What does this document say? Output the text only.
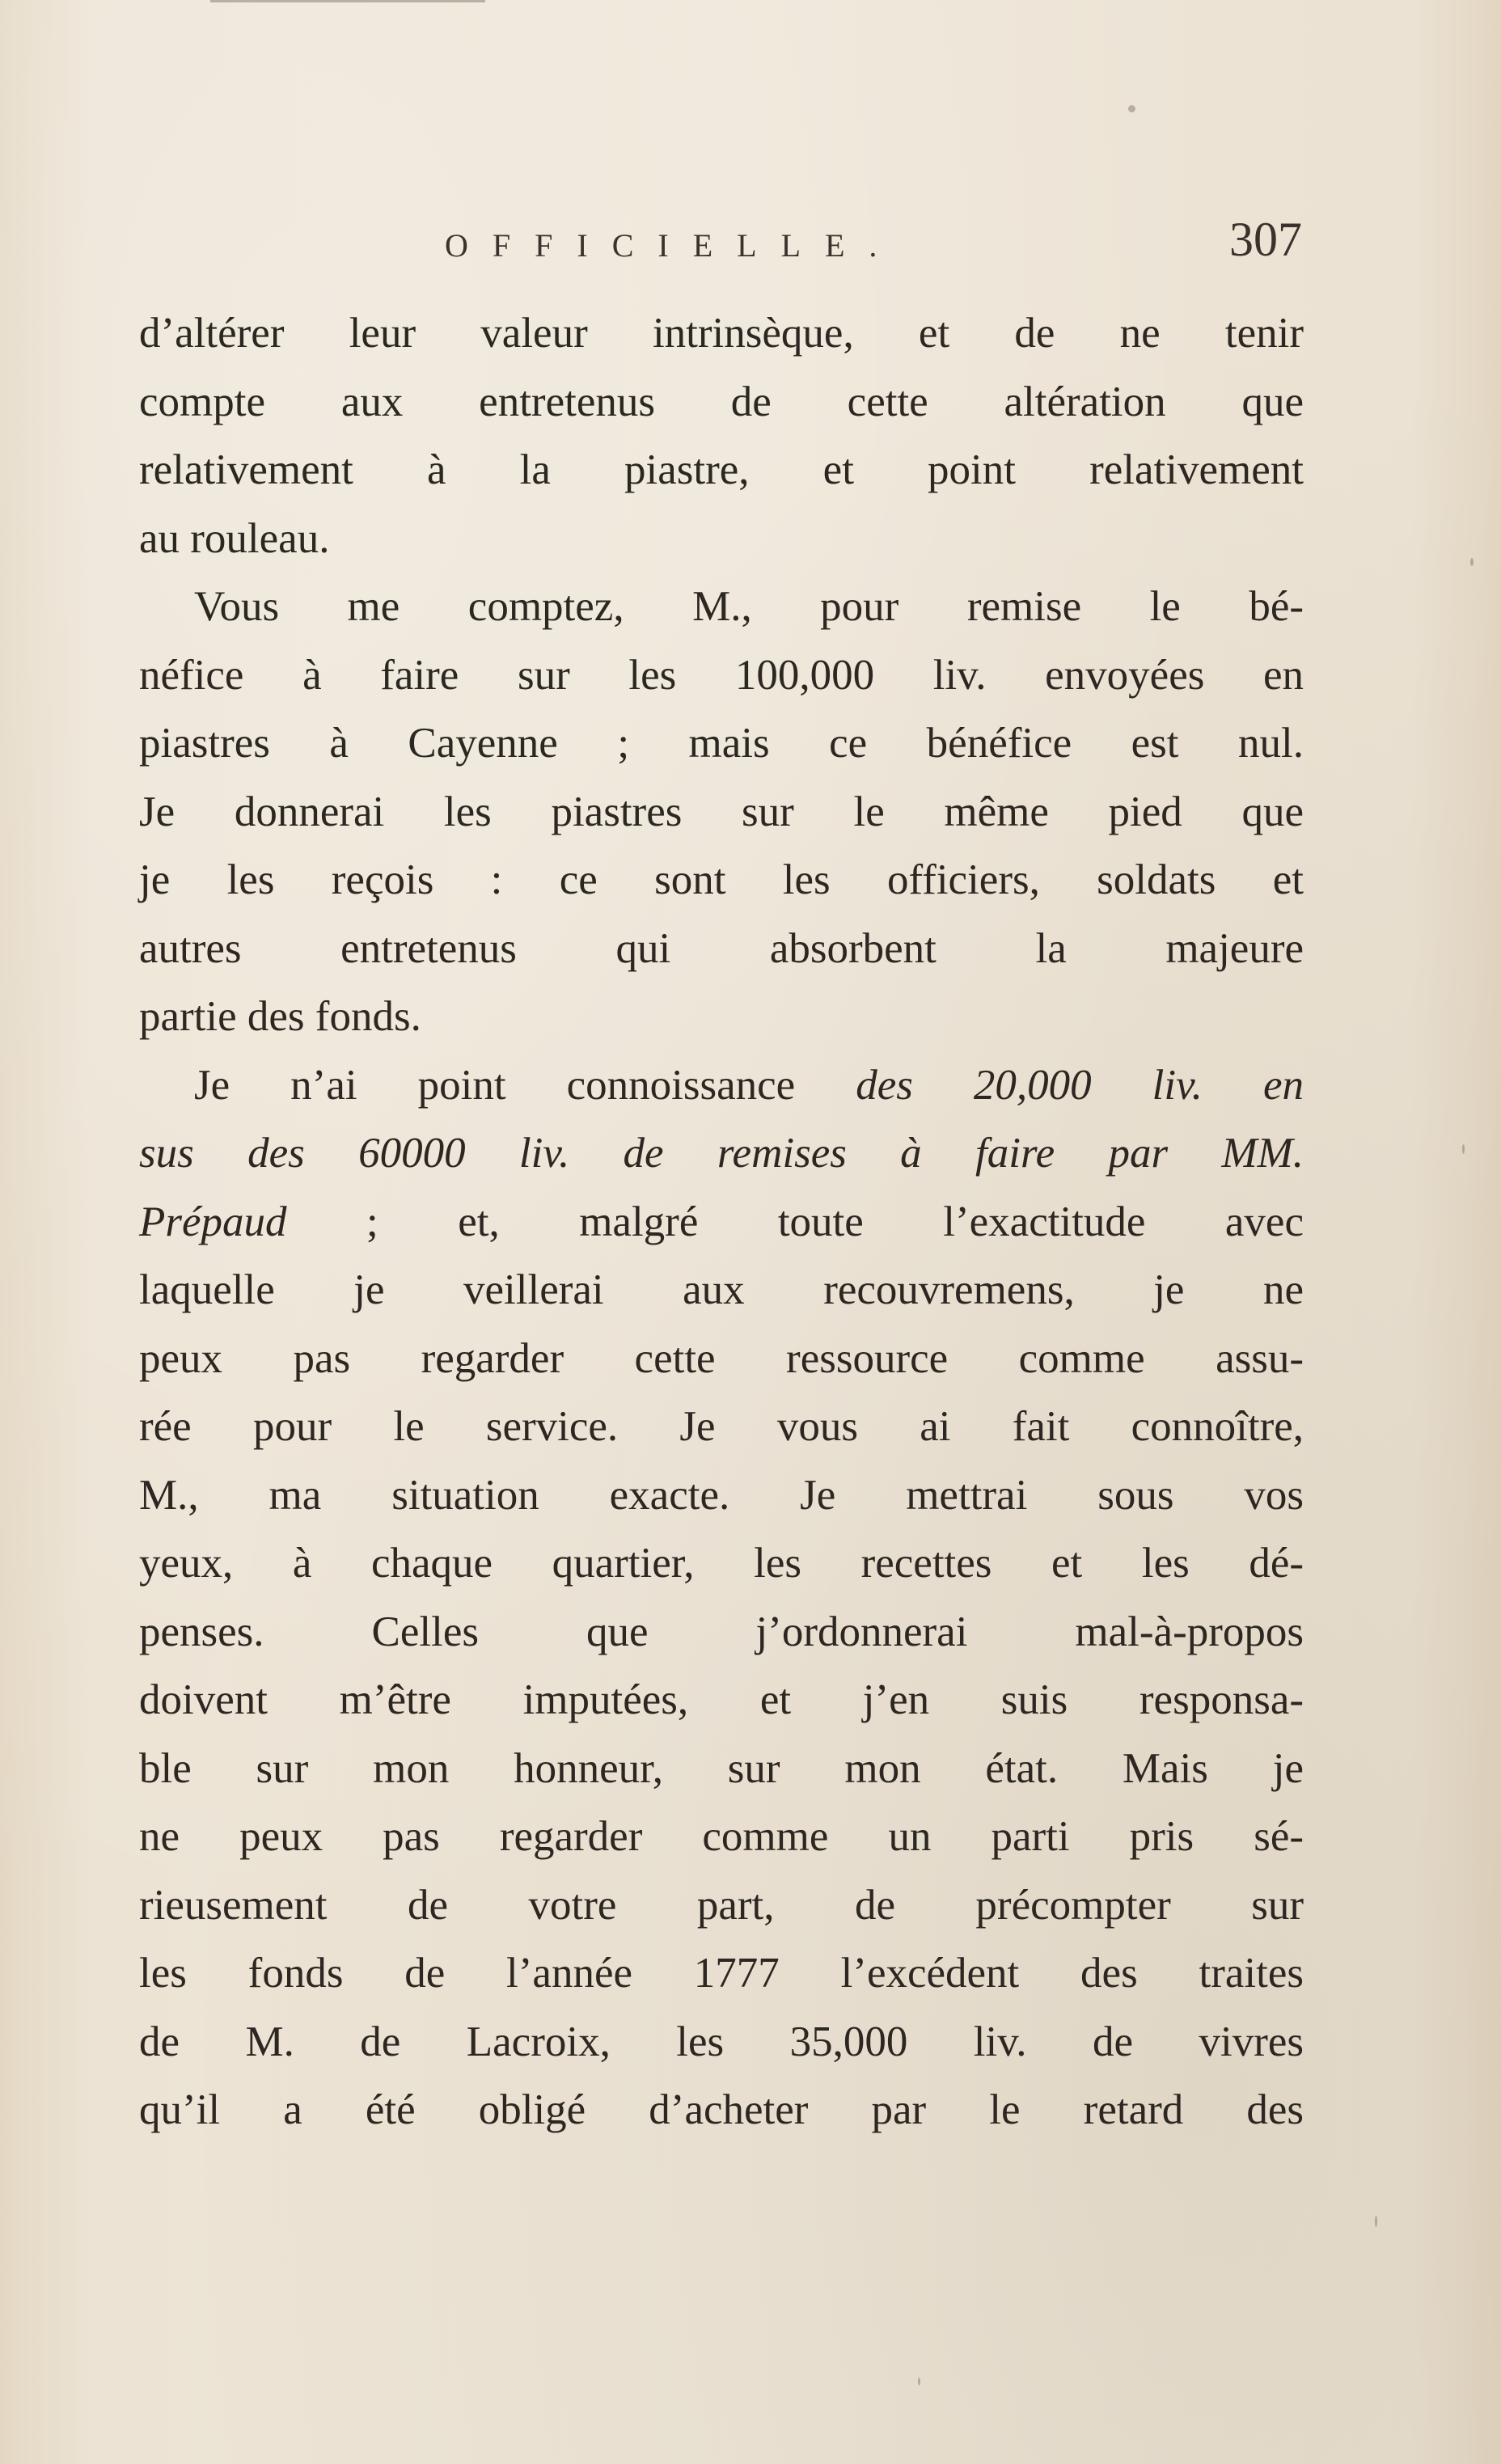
OFFICIELLE.	307
d’altérer leur valeur intrinsèque, et de ne tenir
compte aux entretenus de cette altération que
relativement à la piastre, et point relativement
au rouleau.
Vous me comptez, M., pour remise le bé-
néfice à faire sur les 100,000 liv. envoyées en
piastres à Cayenne ; mais ce bénéfice est nul.
Je donnerai les piastres sur le même pied que
je les reçois : ce sont les officiers, soldats et
autres entretenus qui absorbent la majeure
partie des fonds.
Je n’ai point connoissance des 20,000 liv. en
sus des 60000 liv. de remises à faire par MM.
Prépaud ; et, malgré toute l’exactitude avec
laquelle je veillerai aux recouvremens, je ne
peux pas regarder cette ressource comme assu-
rée pour le service. Je vous ai fait connoître,
M., ma situation exacte. Je mettrai sous vos
yeux, à chaque quartier, les recettes et les dé-
penses. Celles que j’ordonnerai mal-à-propos
doivent m’être imputées, et j’en suis responsa-
ble sur mon honneur, sur mon état. Mais je
ne peux pas regarder comme un parti pris sé-
rieusement de votre part, de précompter sur
les fonds de l’année 1777 l’excédent des traites
de M. de Lacroix, les 35,000 liv. de vivres
qu’il a été obligé d’acheter par le retard des
